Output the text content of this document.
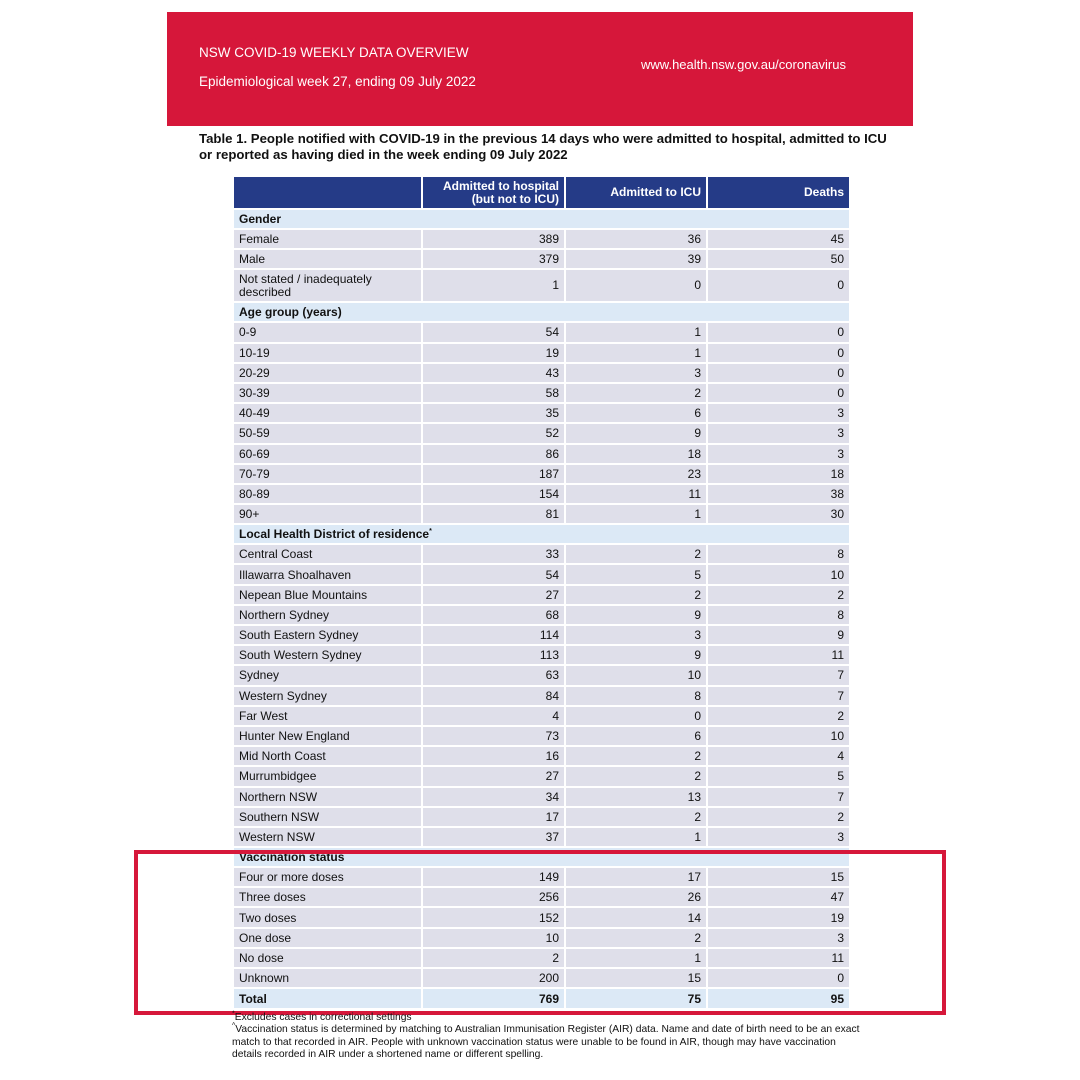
NSW COVID-19 WEEKLY DATA OVERVIEW
Epidemiological week 27, ending 09 July 2022
www.health.nsw.gov.au/coronavirus
Table 1. People notified with COVID-19 in the previous 14 days who were admitted to hospital, admitted to ICU or reported as having died in the week ending 09 July 2022
	Admitted to hospital
(but not to ICU)	Admitted to ICU	Deaths
Gender			
Female	389	36	45
Male	379	39	50
Not stated / inadequately described	1	0	0
Age group (years)			
0-9	54	1	0
10-19	19	1	0
20-29	43	3	0
30-39	58	2	0
40-49	35	6	3
50-59	52	9	3
60-69	86	18	3
70-79	187	23	18
80-89	154	11	38
90+	81	1	30
Local Health District of residence*
Central Coast	33	2	8
Illawarra Shoalhaven	54	5	10
Nepean Blue Mountains	27	2	2
Northern Sydney	68	9	8
South Eastern Sydney	114	3	9
South Western Sydney	113	9	11
Sydney	63	10	7
Western Sydney	84	8	7
Far West	4	0	2
Hunter New England	73	6	10
Mid North Coast	16	2	4
Murrumbidgee	27	2	5
Northern NSW	34	13	7
Southern NSW	17	2	2
Western NSW	37	1	3
Vaccination status^
Four or more doses	149	17	15
Three doses	256	26	47
Two doses	152	14	19
One dose	10	2	3
No dose	2	1	11
Unknown	200	15	0
Total	769	75	95
*Excludes cases in correctional settings
^Vaccination status is determined by matching to Australian Immunisation Register (AIR) data. Name and date of birth need to be an exact match to that recorded in AIR. People with unknown vaccination status were unable to be found in AIR, though may have vaccination details recorded in AIR under a shortened name or different spelling.
